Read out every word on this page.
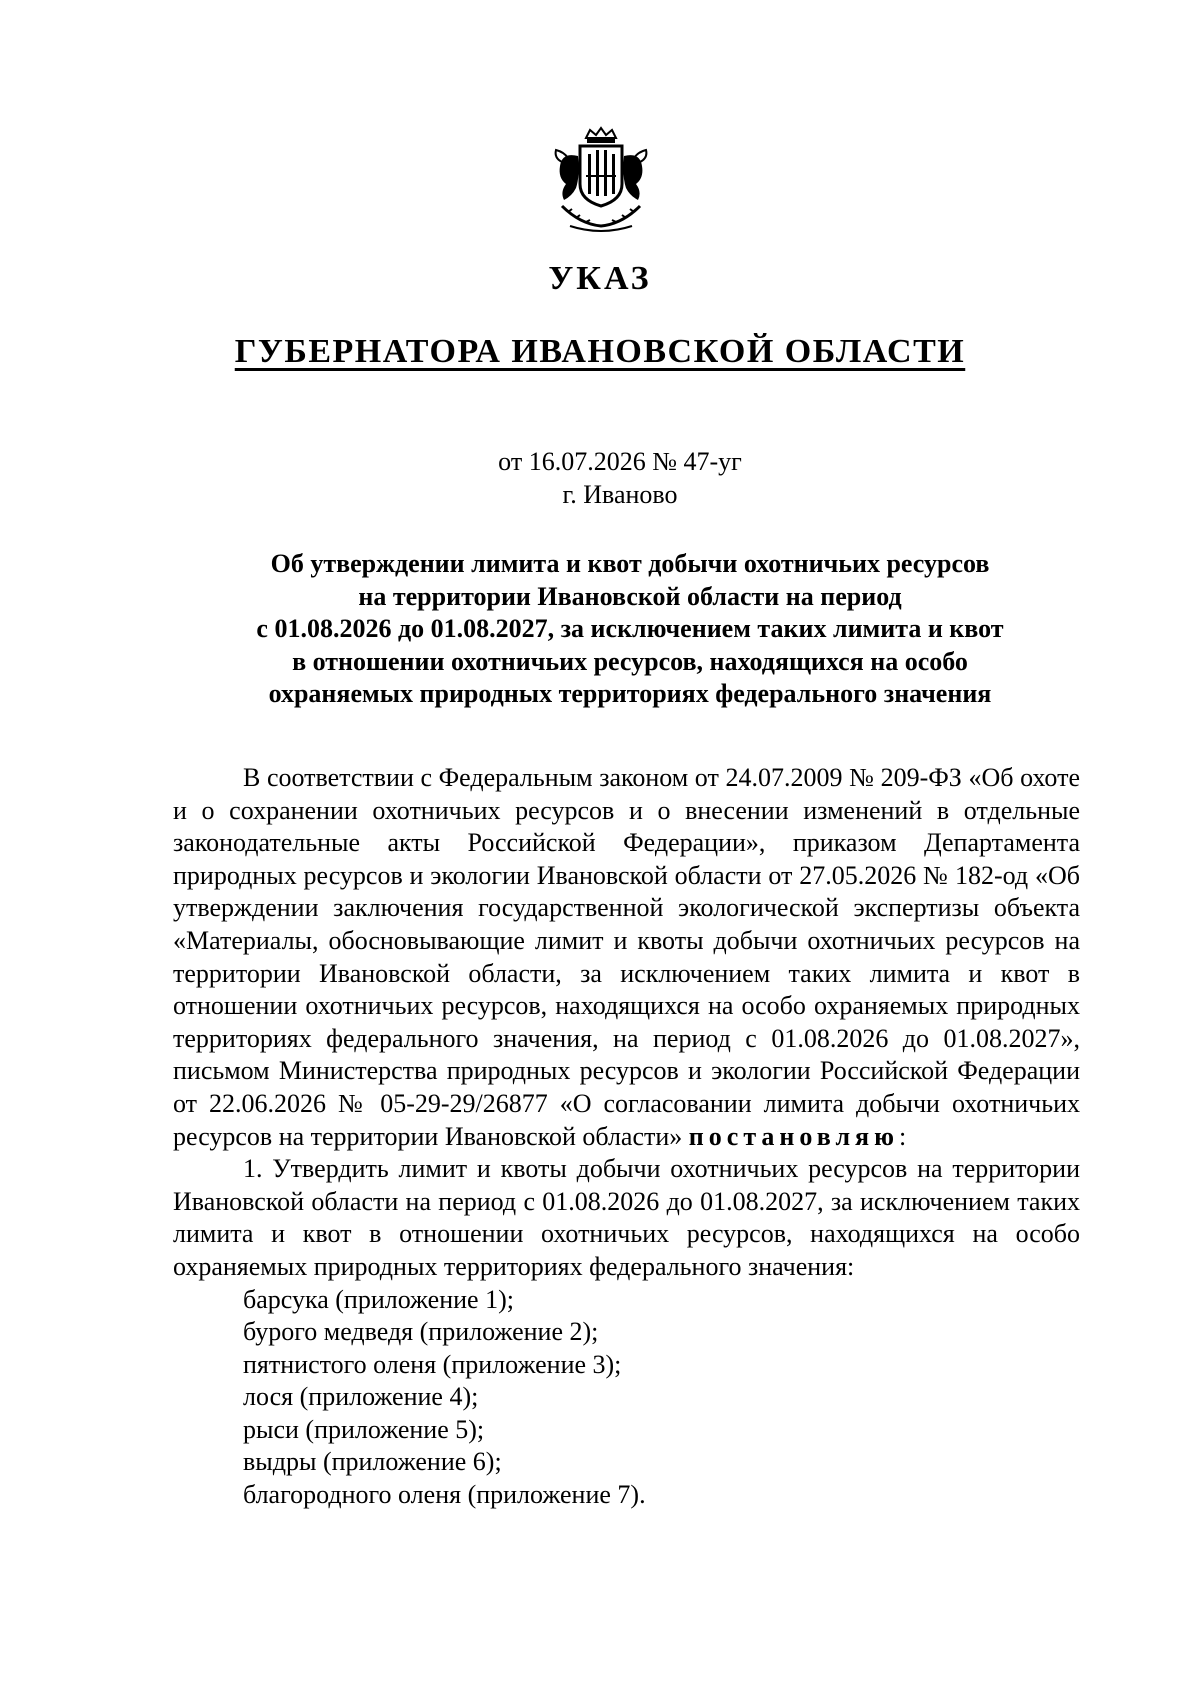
УКАЗ
ГУБЕРНАТОРА ИВАНОВСКОЙ ОБЛАСТИ
от 16.07.2026 № 47-уг
г. Иваново
Об утверждении лимита и квот добычи охотничьих ресурсов
на территории Ивановской области на период
с 01.08.2026 до 01.08.2027, за исключением таких лимита и квот
в отношении охотничьих ресурсов, находящихся на особо
охраняемых природных территориях федерального значения

В соответствии с Федеральным законом от 24.07.2009 № 209-ФЗ «Об охоте и о сохранении охотничьих ресурсов и о внесении изменений в отдельные законодательные акты Российской Федерации», приказом Департамента природных ресурсов и экологии Ивановской области от 27.05.2026 № 182-од «Об утверждении заключения государственной экологической экспертизы объекта «Материалы, обосновывающие лимит и квоты добычи охотничьих ресурсов на территории Ивановской области, за исключением таких лимита и квот в отношении охотничьих ресурсов, находящихся на особо охраняемых природных территориях федерального значения, на период с 01.08.2026 до 01.08.2027», письмом Министерства природных ресурсов и экологии Российской Федерации от 22.06.2026 № 05-29-29/26877 «О согласовании лимита добычи охотничьих ресурсов на территории Ивановской области» постановляю:

1. Утвердить лимит и квоты добычи охотничьих ресурсов на территории Ивановской области на период с 01.08.2026 до 01.08.2027, за исключением таких лимита и квот в отношении охотничьих ресурсов, находящихся на особо охраняемых природных территориях федерального значения:

барсука (приложение 1);
бурого медведя (приложение 2);
пятнистого оленя (приложение 3);
лося (приложение 4);
рыси (приложение 5);
выдры (приложение 6);
благородного оленя (приложение 7).
